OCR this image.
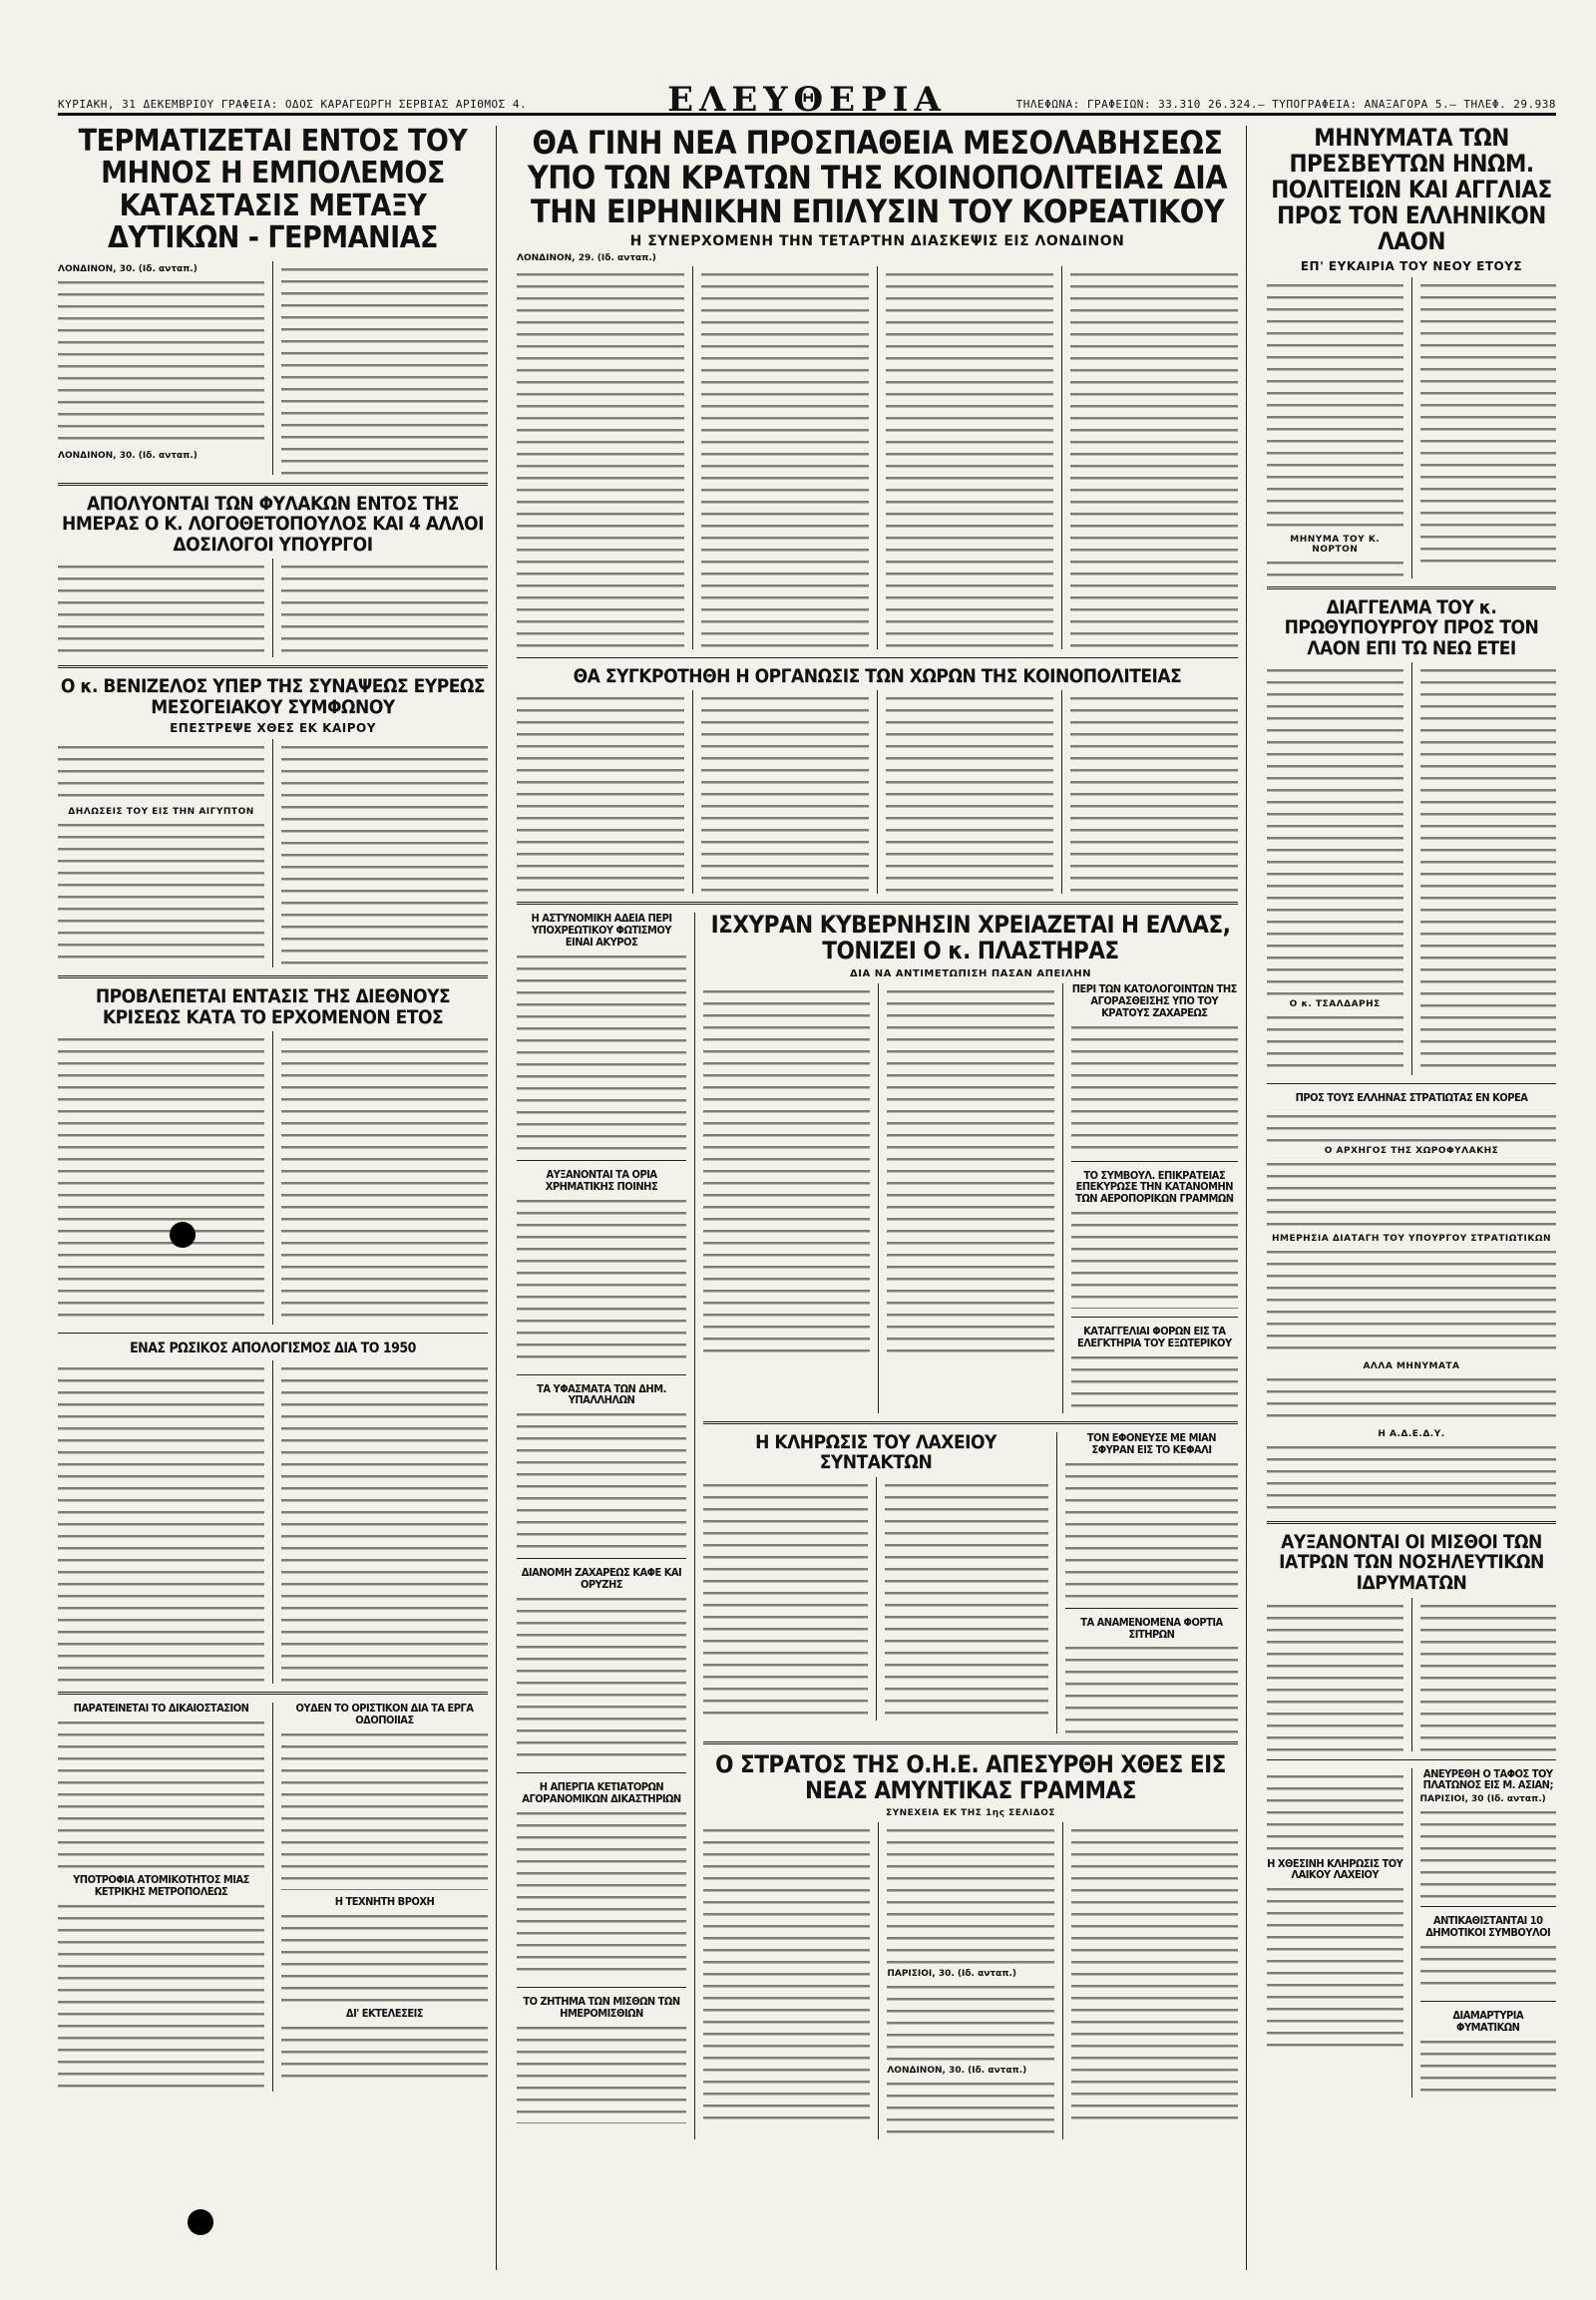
ΚΥΡΙΑΚΗ, 31 ΔΕΚΕΜΒΡΙΟΥ ΓΡΑΦΕΙΑ: ΟΔΟΣ ΚΑΡΑΓΕΩΡΓΗ ΣΕΡΒΙΑΣ ΑΡΙΘΜΟΣ 4.	ΕΛΕΥΘΕΡΙΑ	ΤΗΛΕΦΩΝΑ: ΓΡΑΦΕΙΩΝ: 33.310 26.324.— ΤΥΠΟΓΡΑΦΕΙΑ: ΑΝΑΞΑΓΟΡΑ 5.— ΤΗΛΕΦ. 29.938
ΤΕΡΜΑΤΙΖΕΤΑΙ ΕΝΤΟΣ ΤΟΥ ΜΗΝΟΣ Η ΕΜΠΟΛΕΜΟΣ ΚΑΤΑΣΤΑΣΙΣ ΜΕΤΑΞΥ ΔΥΤΙΚΩΝ - ΓΕΡΜΑΝΙΑΣ
ΛΟΝΔΙΝΟΝ, 30. (Ιδ. ανταπ.)
ΛΟΝΔΙΝΟΝ, 30. (Ιδ. ανταπ.)
ΑΠΟΛΥΟΝΤΑΙ ΤΩΝ ΦΥΛΑΚΩΝ ΕΝΤΟΣ ΤΗΣ ΗΜΕΡΑΣ Ο Κ. ΛΟΓΟΘΕΤΟΠΟΥΛΟΣ ΚΑΙ 4 ΑΛΛΟΙ ΔΟΣΙΛΟΓΟΙ ΥΠΟΥΡΓΟΙ
Ο κ. ΒΕΝΙΖΕΛΟΣ ΥΠΕΡ ΤΗΣ ΣΥΝΑΨΕΩΣ ΕΥΡΕΩΣ ΜΕΣΟΓΕΙΑΚΟΥ ΣΥΜΦΩΝΟΥ
ΕΠΕΣΤΡΕΨΕ ΧΘΕΣ ΕΚ ΚΑΙΡΟΥ
ΔΗΛΩΣΕΙΣ ΤΟΥ ΕΙΣ ΤΗΝ ΑΙΓΥΠΤΟΝ
ΠΡΟΒΛΕΠΕΤΑΙ ΕΝΤΑΣΙΣ ΤΗΣ ΔΙΕΘΝΟΥΣ ΚΡΙΣΕΩΣ ΚΑΤΑ ΤΟ ΕΡΧΟΜΕΝΟΝ ΕΤΟΣ
ΕΝΑΣ ΡΩΣΙΚΟΣ ΑΠΟΛΟΓΙΣΜΟΣ ΔΙΑ ΤΟ 1950
ΠΑΡΑΤΕΙΝΕΤΑΙ ΤΟ ΔΙΚΑΙΟΣΤΑΣΙΟΝ
ΥΠΟΤΡΟΦΙΑ ΑΤΟΜΙΚΟΤΗΤΟΣ ΜΙΑΣ ΚΕΤΡΙΚΗΣ ΜΕΤΡΟΠΟΛΕΩΣ
ΟΥΔΕΝ ΤΟ ΟΡΙΣΤΙΚΟΝ ΔΙΑ ΤΑ ΕΡΓΑ ΟΔΟΠΟΙΙΑΣ
Η ΤΕΧΝΗΤΗ ΒΡΟΧΗ
ΔΙ' ΕΚΤΕΛΕΣΕΙΣ
ΘΑ ΓΙΝΗ ΝΕΑ ΠΡΟΣΠΑΘΕΙΑ ΜΕΣΟΛΑΒΗΣΕΩΣ ΥΠΟ ΤΩΝ ΚΡΑΤΩΝ ΤΗΣ ΚΟΙΝΟΠΟΛΙΤΕΙΑΣ ΔΙΑ ΤΗΝ ΕΙΡΗΝΙΚΗΝ ΕΠΙΛΥΣΙΝ ΤΟΥ ΚΟΡΕΑΤΙΚΟΥ
Η ΣΥΝΕΡΧΟΜΕΝΗ ΤΗΝ ΤΕΤΑΡΤΗΝ ΔΙΑΣΚΕΨΙΣ ΕΙΣ ΛΟΝΔΙΝΟΝ
ΛΟΝΔΙΝΟΝ, 29. (Ιδ. ανταπ.)
ΘΑ ΣΥΓΚΡΟΤΗΘΗ Η ΟΡΓΑΝΩΣΙΣ ΤΩΝ ΧΩΡΩΝ ΤΗΣ ΚΟΙΝΟΠΟΛΙΤΕΙΑΣ
Η ΑΣΤΥΝΟΜΙΚΗ ΑΔΕΙΑ ΠΕΡΙ ΥΠΟΧΡΕΩΤΙΚΟΥ ΦΩΤΙΣΜΟΥ ΕΙΝΑΙ ΑΚΥΡΟΣ
ΑΥΞΑΝΟΝΤΑΙ ΤΑ ΟΡΙΑ ΧΡΗΜΑΤΙΚΗΣ ΠΟΙΝΗΣ
ΤΑ ΥΦΑΣΜΑΤΑ ΤΩΝ ΔΗΜ. ΥΠΑΛΛΗΛΩΝ
ΔΙΑΝΟΜΗ ΖΑΧΑΡΕΩΣ ΚΑΦΕ ΚΑΙ ΟΡΥΖΗΣ
Η ΑΠΕΡΓΙΑ ΚΕΤΙΑΤΟΡΩΝ ΑΓΟΡΑΝΟΜΙΚΩΝ ΔΙΚΑΣΤΗΡΙΩΝ
ΤΟ ΖΗΤΗΜΑ ΤΩΝ ΜΙΣΘΩΝ ΤΩΝ ΗΜΕΡΟΜΙΣΘΙΩΝ
ΙΣΧΥΡΑΝ ΚΥΒΕΡΝΗΣΙΝ ΧΡΕΙΑΖΕΤΑΙ Η ΕΛΛΑΣ, ΤΟΝΙΖΕΙ Ο κ. ΠΛΑΣΤΗΡΑΣ
ΔΙΑ ΝΑ ΑΝΤΙΜΕΤΩΠΙΣΗ ΠΑΣΑΝ ΑΠΕΙΛΗΝ
ΠΕΡΙ ΤΩΝ ΚΑΤΟΛΟΓΟΙΝΤΩΝ ΤΗΣ ΑΓΟΡΑΣΘΕΙΣΗΣ ΥΠΟ ΤΟΥ ΚΡΑΤΟΥΣ ΖΑΧΑΡΕΩΣ
ΤΟ ΣΥΜΒΟΥΛ. ΕΠΙΚΡΑΤΕΙΑΣ ΕΠΕΚΥΡΩΣΕ ΤΗΝ ΚΑΤΑΝΟΜΗΝ ΤΩΝ ΑΕΡΟΠΟΡΙΚΩΝ ΓΡΑΜΜΩΝ
ΚΑΤΑΓΓΕΛΙΑΙ ΦΟΡΩΝ ΕΙΣ ΤΑ ΕΛΕΓΚΤΗΡΙΑ ΤΟΥ ΕΞΩΤΕΡΙΚΟΥ
Η ΚΛΗΡΩΣΙΣ ΤΟΥ ΛΑΧΕΙΟΥ ΣΥΝΤΑΚΤΩΝ
ΤΟΝ ΕΦΟΝΕΥΣΕ ΜΕ ΜΙΑΝ ΣΦΥΡΑΝ ΕΙΣ ΤΟ ΚΕΦΑΛΙ
ΤΑ ΑΝΑΜΕΝΟΜΕΝΑ ΦΟΡΤΙΑ ΣΙΤΗΡΩΝ
Ο ΣΤΡΑΤΟΣ ΤΗΣ Ο.Η.Ε. ΑΠΕΣΥΡΘΗ ΧΘΕΣ ΕΙΣ ΝΕΑΣ ΑΜΥΝΤΙΚΑΣ ΓΡΑΜΜΑΣ
ΣΥΝΕΧΕΙΑ ΕΚ ΤΗΣ 1ης ΣΕΛΙΔΟΣ
ΠΑΡΙΣΙΟΙ, 30. (Ιδ. ανταπ.)
ΛΟΝΔΙΝΟΝ, 30. (Ιδ. ανταπ.)
ΜΗΝΥΜΑΤΑ ΤΩΝ ΠΡΕΣΒΕΥΤΩΝ ΗΝΩΜ. ΠΟΛΙΤΕΙΩΝ ΚΑΙ ΑΓΓΛΙΑΣ ΠΡΟΣ ΤΟΝ ΕΛΛΗΝΙΚΟΝ ΛΑΟΝ
ΕΠ' ΕΥΚΑΙΡΙΑ ΤΟΥ ΝΕΟΥ ΕΤΟΥΣ
ΜΗΝΥΜΑ ΤΟΥ Κ. ΝΟΡΤΟΝ
ΔΙΑΓΓΕΛΜΑ ΤΟΥ κ. ΠΡΩΘΥΠΟΥΡΓΟΥ ΠΡΟΣ ΤΟΝ ΛΑΟΝ ΕΠΙ ΤΩ ΝΕΩ ΕΤΕΙ
Ο κ. ΤΣΑΛΔΑΡΗΣ
ΠΡΟΣ ΤΟΥΣ ΕΛΛΗΝΑΣ ΣΤΡΑΤΙΩΤΑΣ ΕΝ ΚΟΡΕΑ
Ο ΑΡΧΗΓΟΣ ΤΗΣ ΧΩΡΟΦΥΛΑΚΗΣ
ΗΜΕΡΗΣΙΑ ΔΙΑΤΑΓΗ ΤΟΥ ΥΠΟΥΡΓΟΥ ΣΤΡΑΤΙΩΤΙΚΩΝ
ΑΛΛΑ ΜΗΝΥΜΑΤΑ
Η Α.Δ.Ε.Δ.Υ.
ΑΥΞΑΝΟΝΤΑΙ ΟΙ ΜΙΣΘΟΙ ΤΩΝ ΙΑΤΡΩΝ ΤΩΝ ΝΟΣΗΛΕΥΤΙΚΩΝ ΙΔΡΥΜΑΤΩΝ
Η ΧΘΕΣΙΝΗ ΚΛΗΡΩΣΙΣ ΤΟΥ ΛΑΙΚΟΥ ΛΑΧΕΙΟΥ
ΑΝΕΥΡΕΘΗ Ο ΤΑΦΟΣ ΤΟΥ ΠΛΑΤΩΝΟΣ ΕΙΣ Μ. ΑΣΙΑΝ;
ΠΑΡΙΣΙΟΙ, 30 (Ιδ. ανταπ.)
ΑΝΤΙΚΑΘΙΣΤΑΝΤΑΙ 10 ΔΗΜΟΤΙΚΟΙ ΣΥΜΒΟΥΛΟΙ
ΔΙΑΜΑΡΤΥΡΙΑ ΦΥΜΑΤΙΚΩΝ
